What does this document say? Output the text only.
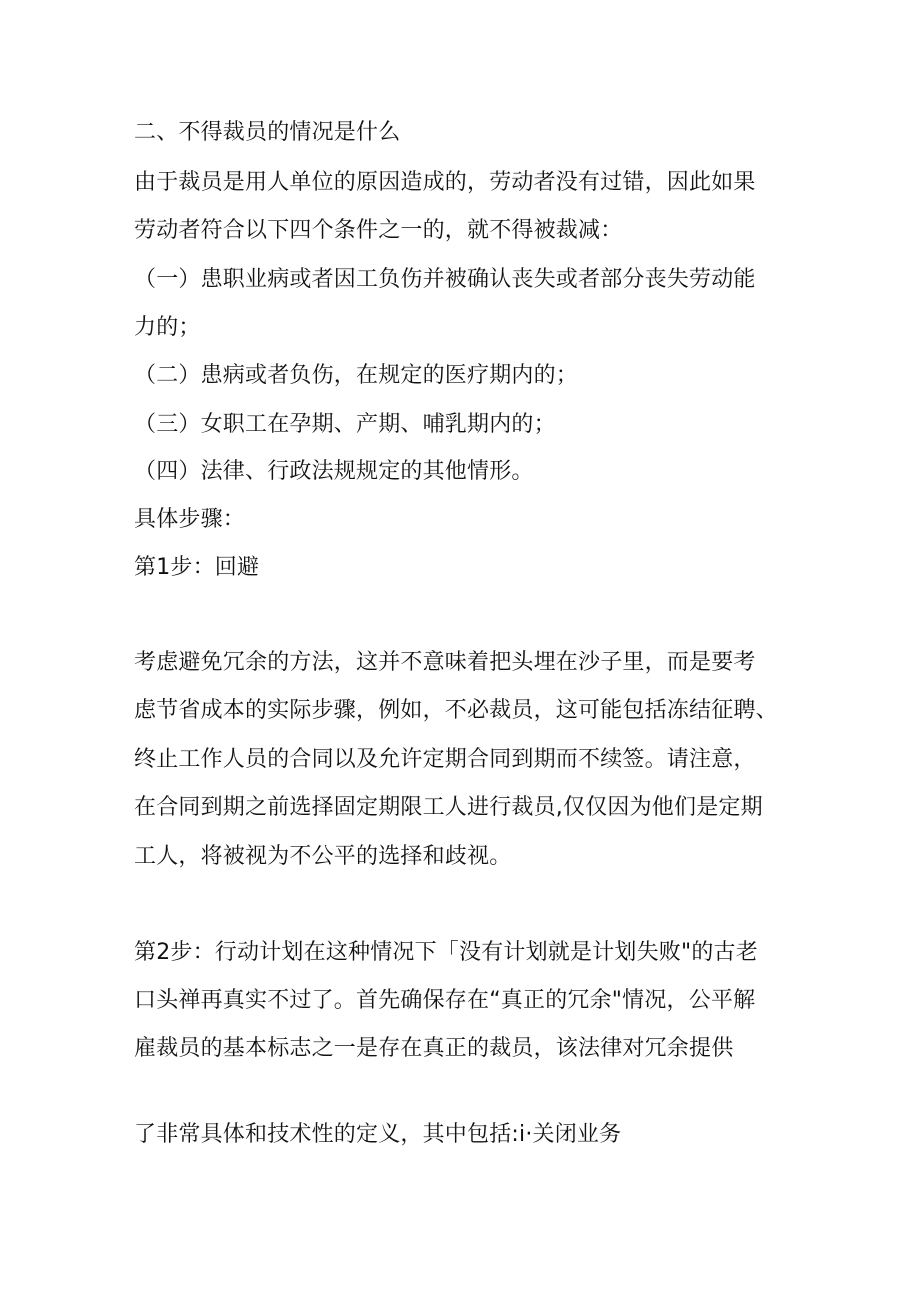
二、不得裁员的情况是什么

由于裁员是用人单位的原因造成的，劳动者没有过错，因此如果

劳动者符合以下四个条件之一的，就不得被裁减：

（一）患职业病或者因工负伤并被确认丧失或者部分丧失劳动能

力的；

（二）患病或者负伤，在规定的医疗期内的；

（三）女职工在孕期、产期、哺乳期内的；

（四）法律、行政法规规定的其他情形。

具体步骤：

第1步：回避

考虑避免冗余的方法，这并不意味着把头埋在沙子里，而是要考

虑节省成本的实际步骤，例如，不必裁员，这可能包括冻结征聘、

终止工作人员的合同以及允许定期合同到期而不续签。请注意，

在合同到期之前选择固定期限工人进行裁员,仅仅因为他们是定期

工人，将被视为不公平的选择和歧视。

第2步：行动计划在这种情况下「没有计划就是计划失败"的古老

口头禅再真实不过了。首先确保存在“真正的冗余"情况，公平解

雇裁员的基本标志之一是存在真正的裁员，该法律对冗余提供

了非常具体和技术性的定义，其中包括:i·关闭业务
